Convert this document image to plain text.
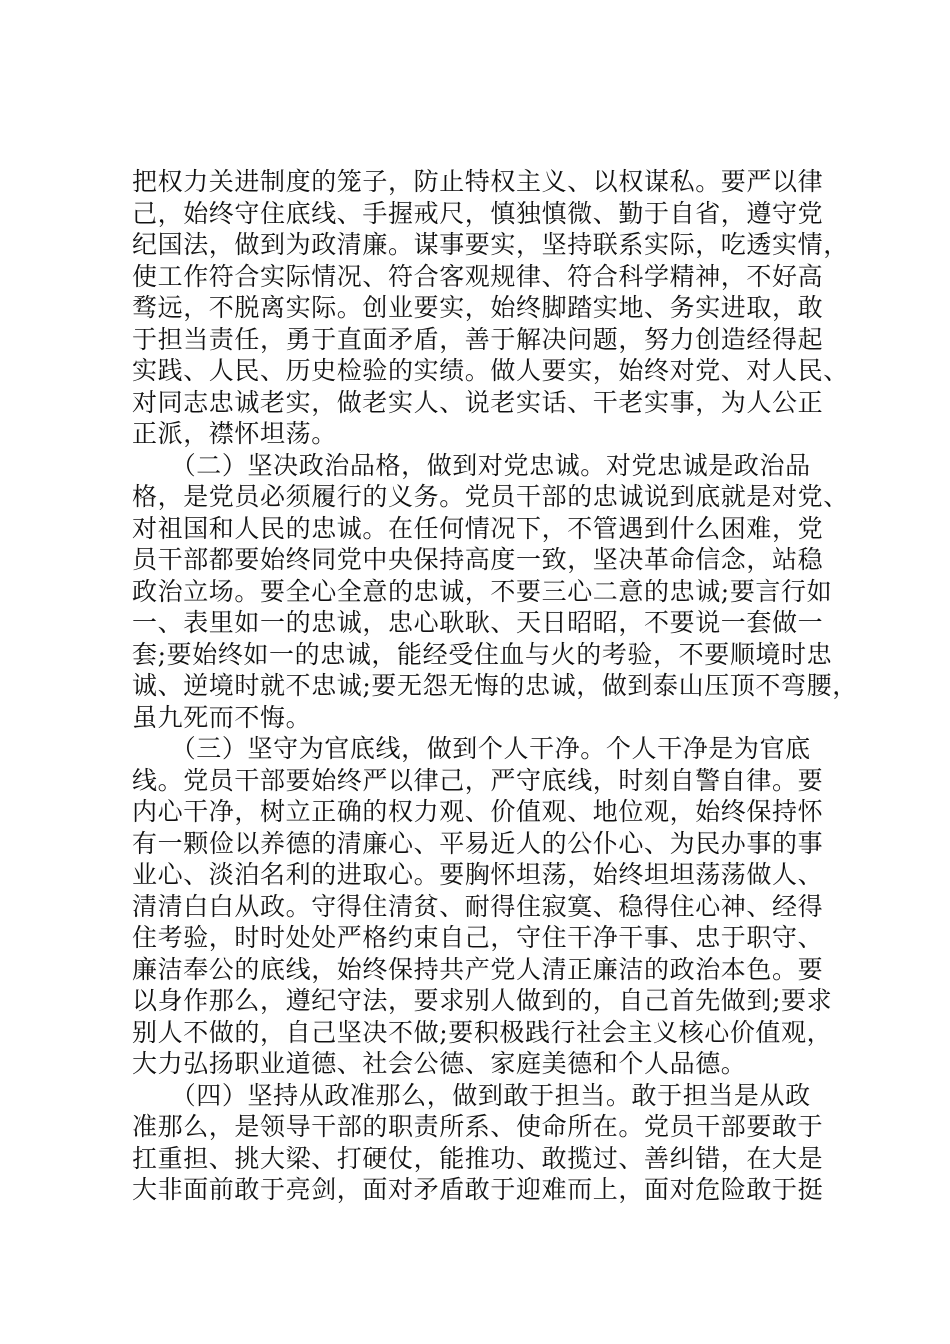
把权力关进制度的笼子，防止特权主义、以权谋私。要严以律
己，始终守住底线、手握戒尺，慎独慎微、勤于自省，遵守党
纪国法，做到为政清廉。谋事要实，坚持联系实际，吃透实情，
使工作符合实际情况、符合客观规律、符合科学精神，不好高
骛远，不脱离实际。创业要实，始终脚踏实地、务实进取，敢
于担当责任，勇于直面矛盾，善于解决问题，努力创造经得起
实践、人民、历史检验的实绩。做人要实，始终对党、对人民、
对同志忠诚老实，做老实人、说老实话、干老实事，为人公正
正派，襟怀坦荡。
　　（二）坚决政治品格，做到对党忠诚。对党忠诚是政治品
格，是党员必须履行的义务。党员干部的忠诚说到底就是对党、
对祖国和人民的忠诚。在任何情况下，不管遇到什么困难，党
员干部都要始终同党中央保持高度一致，坚决革命信念，站稳
政治立场。要全心全意的忠诚，不要三心二意的忠诚;要言行如
一、表里如一的忠诚，忠心耿耿、天日昭昭，不要说一套做一
套;要始终如一的忠诚，能经受住血与火的考验，不要顺境时忠
诚、逆境时就不忠诚;要无怨无悔的忠诚，做到泰山压顶不弯腰，
虽九死而不悔。
　　（三）坚守为官底线，做到个人干净。个人干净是为官底
线。党员干部要始终严以律己，严守底线，时刻自警自律。要
内心干净，树立正确的权力观、价值观、地位观，始终保持怀
有一颗俭以养德的清廉心、平易近人的公仆心、为民办事的事
业心、淡泊名利的进取心。要胸怀坦荡，始终坦坦荡荡做人、
清清白白从政。守得住清贫、耐得住寂寞、稳得住心神、经得
住考验，时时处处严格约束自己，守住干净干事、忠于职守、
廉洁奉公的底线，始终保持共产党人清正廉洁的政治本色。要
以身作那么，遵纪守法，要求别人做到的，自己首先做到;要求
别人不做的，自己坚决不做;要积极践行社会主义核心价值观，
大力弘扬职业道德、社会公德、家庭美德和个人品德。
　　（四）坚持从政准那么，做到敢于担当。敢于担当是从政
准那么，是领导干部的职责所系、使命所在。党员干部要敢于
扛重担、挑大梁、打硬仗，能推功、敢揽过、善纠错，在大是
大非面前敢于亮剑，面对矛盾敢于迎难而上，面对危险敢于挺
